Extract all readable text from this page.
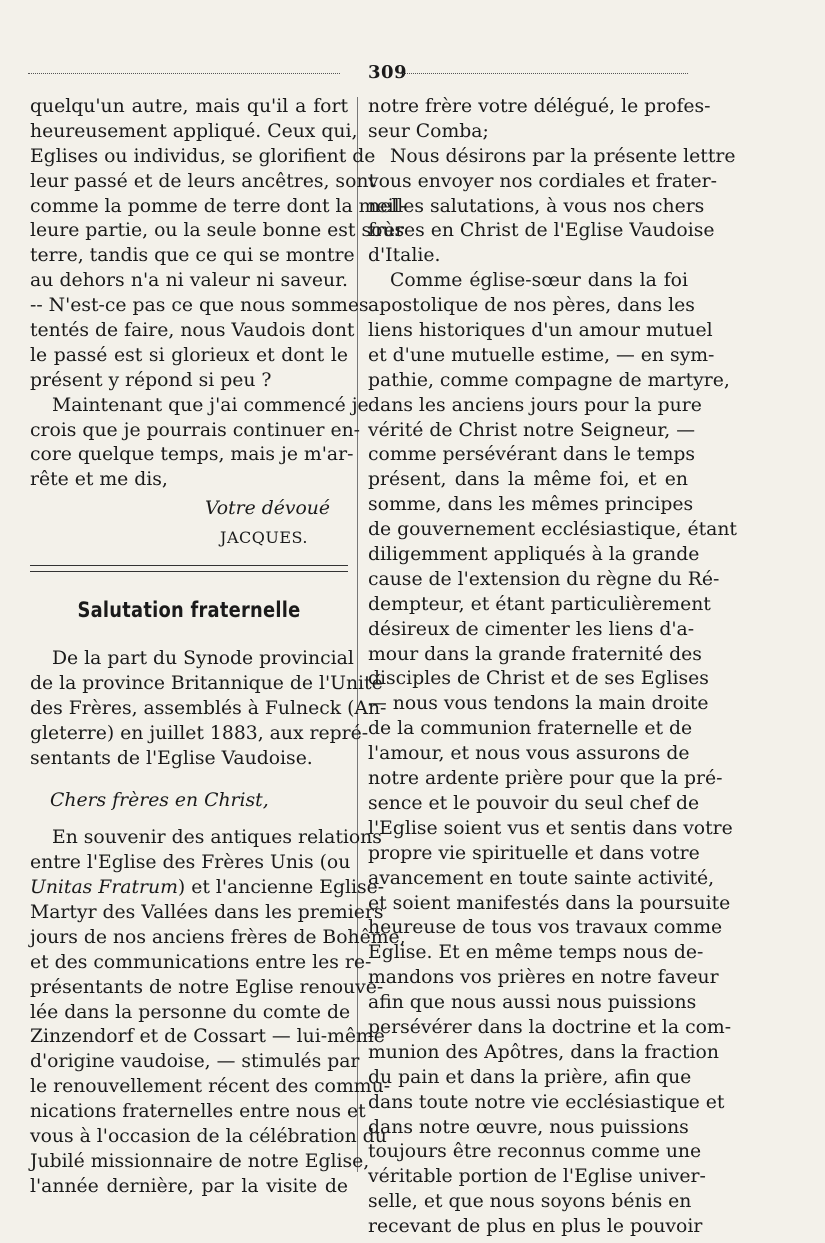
309
quelqu'un autre, mais qu'il a fort
heureusement appliqué. Ceux qui,
Eglises ou individus, se glorifient de
leur passé et de leurs ancêtres, sont
comme la pomme de terre dont la meil-
leure partie, ou la seule bonne est sous
terre, tandis que ce qui se montre
au dehors n'a ni valeur ni saveur.
-- N'est-ce pas ce que nous sommes
tentés de faire, nous Vaudois dont
le passé est si glorieux et dont le
présent y répond si peu ?
Maintenant que j'ai commencé je
crois que je pourrais continuer en-
core quelque temps, mais je m'ar-
rête et me dis,
Votre dévoué
JACQUES.
Salutation fraternelle
De la part du Synode provincial
de la province Britannique de l'Unité
des Frères, assemblés à Fulneck (An-
gleterre) en juillet 1883, aux repré-
sentants de l'Eglise Vaudoise.
Chers frères en Christ,
En souvenir des antiques relations
entre l'Eglise des Frères Unis (ou
Unitas Fratrum) et l'ancienne Eglise-
Martyr des Vallées dans les premiers
jours de nos anciens frères de Bohême,
et des communications entre les re-
présentants de notre Eglise renouve-
lée dans la personne du comte de
Zinzendorf et de Cossart — lui-même
d'origine vaudoise, — stimulés par
le renouvellement récent des commu-
nications fraternelles entre nous et
vous à l'occasion de la célébration du
Jubilé missionnaire de notre Eglise,
l'année dernière, par la visite de
notre frère votre délégué, le profes-
seur Comba;
Nous désirons par la présente lettre
vous envoyer nos cordiales et frater-
nelles salutations, à vous nos chers
frères en Christ de l'Eglise Vaudoise
d'Italie.
Comme église-sœur dans la foi
apostolique de nos pères, dans les
liens historiques d'un amour mutuel
et d'une mutuelle estime, — en sym-
pathie, comme compagne de martyre,
dans les anciens jours pour la pure
vérité de Christ notre Seigneur, —
comme persévérant dans le temps
présent, dans la même foi, et en
somme, dans les mêmes principes
de gouvernement ecclésiastique, étant
diligemment appliqués à la grande
cause de l'extension du règne du Ré-
dempteur, et étant particulièrement
désireux de cimenter les liens d'a-
mour dans la grande fraternité des
disciples de Christ et de ses Eglises
— nous vous tendons la main droite
de la communion fraternelle et de
l'amour, et nous vous assurons de
notre ardente prière pour que la pré-
sence et le pouvoir du seul chef de
l'Eglise soient vus et sentis dans votre
propre vie spirituelle et dans votre
avancement en toute sainte activité,
et soient manifestés dans la poursuite
heureuse de tous vos travaux comme
Eglise. Et en même temps nous de-
mandons vos prières en notre faveur
afin que nous aussi nous puissions
persévérer dans la doctrine et la com-
munion des Apôtres, dans la fraction
du pain et dans la prière, afin que
dans toute notre vie ecclésiastique et
dans notre œuvre, nous puissions
toujours être reconnus comme une
véritable portion de l'Eglise univer-
selle, et que nous soyons bénis en
recevant de plus en plus le pouvoir
